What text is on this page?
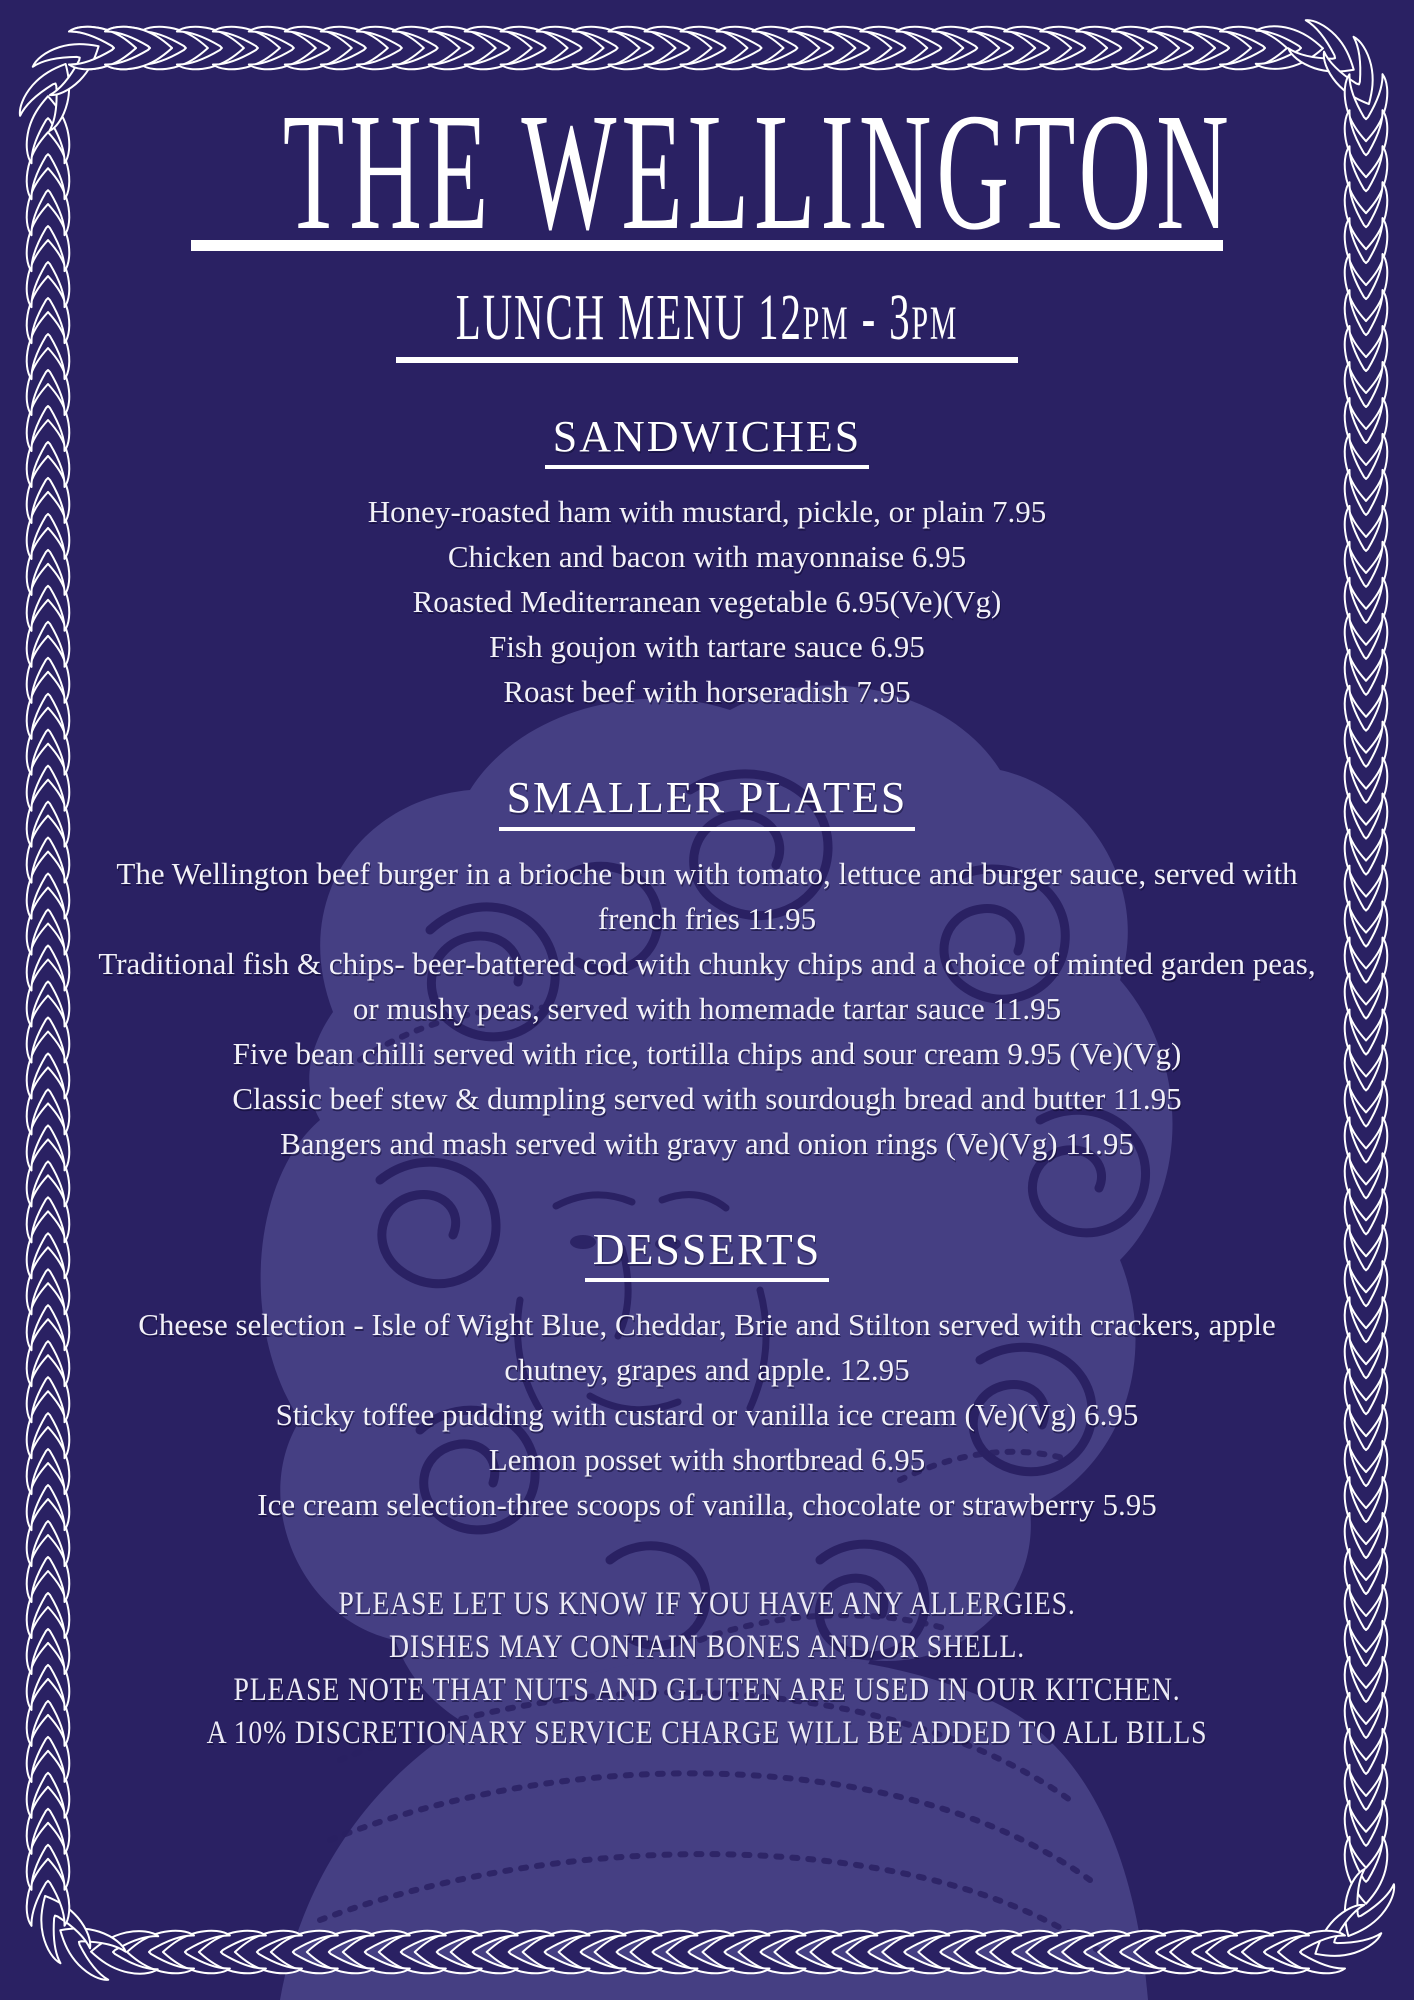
THE WELLINGTON
LUNCH MENU 12PM - 3PM
SANDWICHES

Honey-roasted ham with mustard, pickle, or plain 7.95

Chicken and bacon with mayonnaise 6.95

Roasted Mediterranean vegetable 6.95(Ve)(Vg)

Fish goujon with tartare sauce 6.95

Roast beef with horseradish 7.95

SMALLER PLATES

The Wellington beef burger in a brioche bun with tomato, lettuce and burger sauce, served with french fries 11.95

Traditional fish & chips- beer-battered cod with chunky chips and a choice of minted garden peas, or mushy peas, served with homemade tartar sauce 11.95

Five bean chilli served with rice, tortilla chips and sour cream 9.95 (Ve)(Vg)

Classic beef stew & dumpling served with sourdough bread and butter 11.95

Bangers and mash served with gravy and onion rings (Ve)(Vg) 11.95

DESSERTS

Cheese selection - Isle of Wight Blue, Cheddar, Brie and Stilton served with crackers, apple chutney, grapes and apple. 12.95

Sticky toffee pudding with custard or vanilla ice cream (Ve)(Vg) 6.95

Lemon posset with shortbread 6.95

Ice cream selection-three scoops of vanilla, chocolate or strawberry 5.95

PLEASE LET US KNOW IF YOU HAVE ANY ALLERGIES.
DISHES MAY CONTAIN BONES AND/OR SHELL.
PLEASE NOTE THAT NUTS AND GLUTEN ARE USED IN OUR KITCHEN.
A 10% DISCRETIONARY SERVICE CHARGE WILL BE ADDED TO ALL BILLS
